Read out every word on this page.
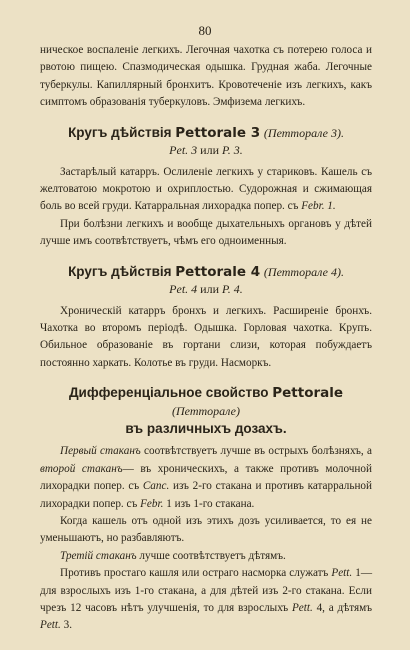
80

ническое воспаленіе легкихъ. Легочная чахотка съ потерею голоса и рвотою пищею. Спазмодическая одышка. Грудная жаба. Легочные туберкулы. Капиллярный бронхитъ. Кровотеченіе изъ легкихъ, какъ симптомъ образованія туберкуловъ. Эмфизема легкихъ.

Кругъ дѣйствія Pettorale 3 (Петторале 3).
Pet. 3 или P. 3.

Застарѣлый катарръ. Ослиленіе легкихъ у стариковъ. Кашель съ желтоватою мокротою и охриплостью. Судорожная и сжимающая боль во всей груди. Катарральная лихорадка попер. съ Febr. 1.

При болѣзни легкихъ и вообще дыхательныхъ органовъ у дѣтей лучше имъ соотвѣтствуетъ, чѣмъ его одноименныя.

Кругъ дѣйствія Pettorale 4 (Петторале 4).
Pet. 4 или P. 4.

Хроническій катарръ бронхъ и легкихъ. Расширеніе бронхъ. Чахотка во второмъ періодѣ. Одышка. Горловая чахотка. Крупъ. Обильное образованіе въ гортани слизи, которая побуждаетъ постоянно харкать. Колотье въ груди. Насморкъ.

Дифференціальное свойство Pettorale (Петторале)
въ различныхъ дозахъ.

Первый стаканъ соотвѣтствуетъ лучше въ острыхъ болѣзняхъ, а второй стаканъ— въ хроническихъ, а также противъ молочной лихорадки попер. съ Canc. изъ 2-го стакана и противъ катарральной лихорадки попер. съ Febr. 1 изъ 1-го стакана.

Когда кашель отъ одной изъ этихъ дозъ усиливается, то ея не уменьшаютъ, но разбавляютъ.

Третій стаканъ лучше соотвѣтствуетъ дѣтямъ.

Противъ простаго кашля или остраго насморка служатъ Pett. 1—для взрослыхъ изъ 1-го стакана, а для дѣтей изъ 2-го стакана. Если чрезъ 12 часовъ нѣтъ улучшенія, то для взрослыхъ Pett. 4, а дѣтямъ Pett. 3.
